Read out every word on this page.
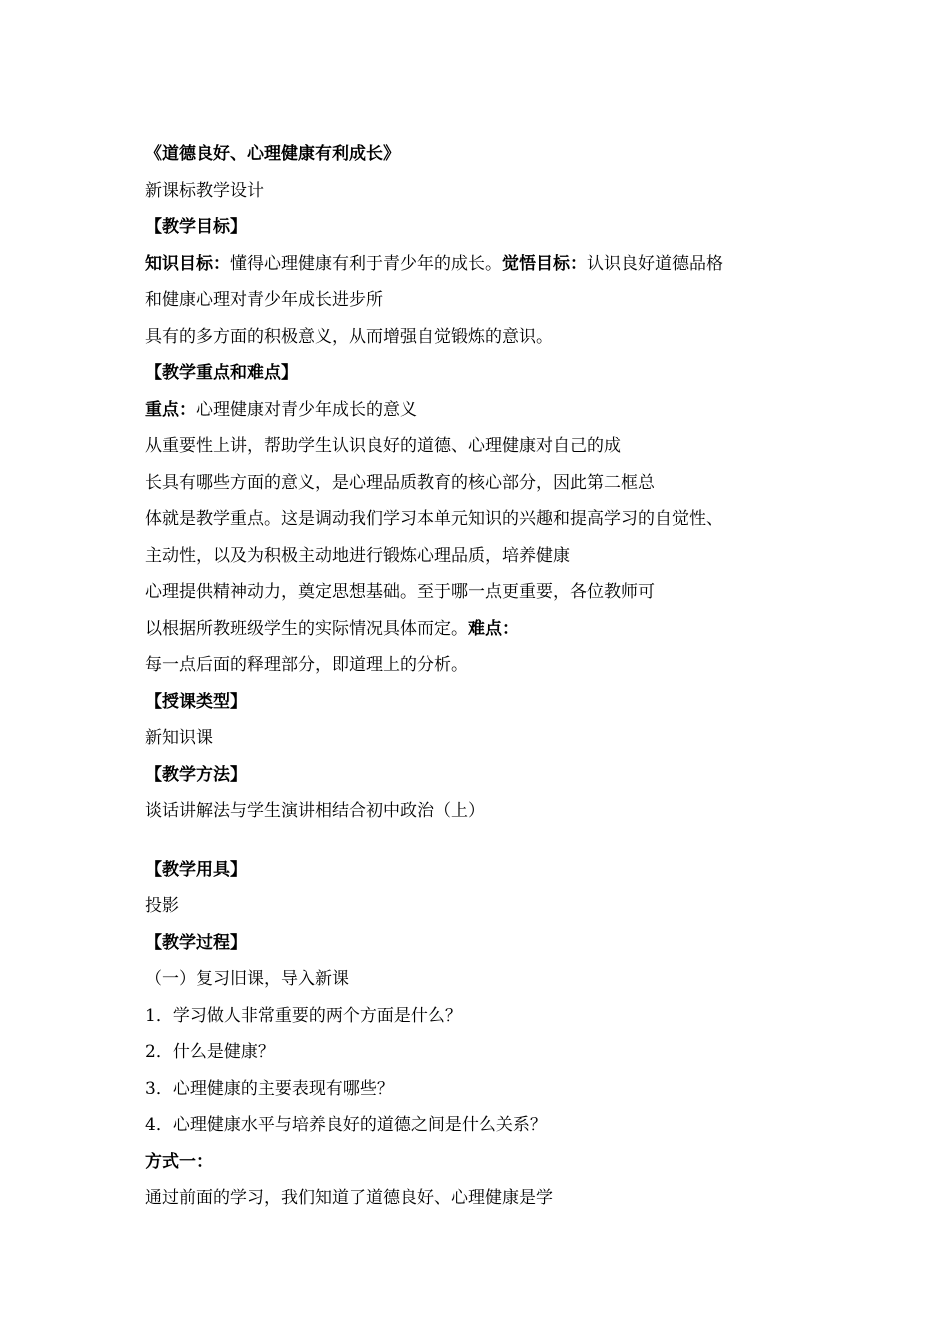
《道德良好、心理健康有利成长》
新课标教学设计
【教学目标】
知识目标：懂得心理健康有利于青少年的成长。觉悟目标：认识良好道德品格
和健康心理对青少年成长进步所
具有的多方面的积极意义，从而增强自觉锻炼的意识。
【教学重点和难点】
重点：心理健康对青少年成长的意义
从重要性上讲，帮助学生认识良好的道德、心理健康对自己的成
长具有哪些方面的意义，是心理品质教育的核心部分，因此第二框总
体就是教学重点。这是调动我们学习本单元知识的兴趣和提高学习的自觉性、
主动性，以及为积极主动地进行锻炼心理品质，培养健康
心理提供精神动力，奠定思想基础。至于哪一点更重要，各位教师可
以根据所教班级学生的实际情况具体而定。难点：
每一点后面的释理部分，即道理上的分析。
【授课类型】
新知识课
【教学方法】
谈话讲解法与学生演讲相结合初中政治（上）
【教学用具】
投影
【教学过程】
（一）复习旧课，导入新课
1．学习做人非常重要的两个方面是什么？
2．什么是健康？
3．心理健康的主要表现有哪些？
4．心理健康水平与培养良好的道德之间是什么关系？
方式一：
通过前面的学习，我们知道了道德良好、心理健康是学
